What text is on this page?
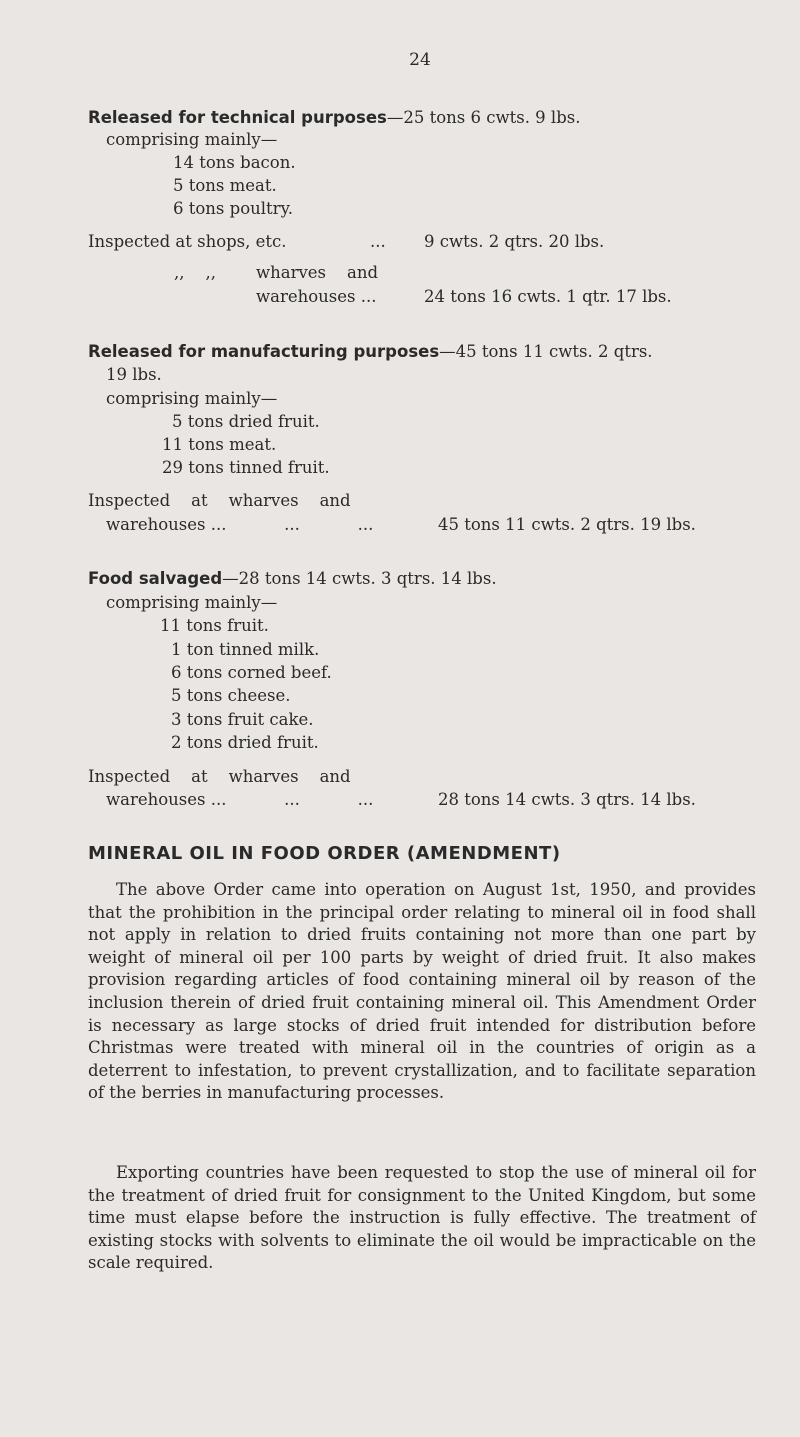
24
Released for technical purposes—25 tons 6 cwts. 9 lbs.
comprising mainly—
14 tons bacon.
5 tons meat.
6 tons poultry.
Inspected at shops, etc.	... 9 cwts. 2 qtrs. 20 lbs.
,,    ,, wharves    and
warehouses ...	24 tons 16 cwts. 1 qtr. 17 lbs.
Released for manufacturing purposes—45 tons 11 cwts. 2 qtrs.
19 lbs.
comprising mainly—
5 tons dried fruit.
11 tons meat.
29 tons tinned fruit.
Inspected    at    wharves    and
warehouses ...           ...           ...	45 tons 11 cwts. 2 qtrs. 19 lbs.
Food salvaged—28 tons 14 cwts. 3 qtrs. 14 lbs.
comprising mainly—
11 tons fruit.
1 ton tinned milk.
6 tons corned beef.
5 tons cheese.
3 tons fruit cake.
2 tons dried fruit.
Inspected    at    wharves    and
warehouses ...           ...           ...	28 tons 14 cwts. 3 qtrs. 14 lbs.
MINERAL OIL IN FOOD ORDER (AMENDMENT)
The above Order came into operation on August 1st, 1950, and provides that the prohibition in the principal order relating to mineral oil in food shall not apply in relation to dried fruits containing not more than one part by weight of mineral oil per 100 parts by weight of dried fruit. It also makes provision regarding articles of food containing mineral oil by reason of the inclusion therein of dried fruit containing mineral oil. This Amendment Order is necessary as large stocks of dried fruit intended for distribution before Christmas were treated with mineral oil in the countries of origin as a deterrent to infestation, to prevent crystallization, and to facilitate separation of the berries in manufacturing processes.
Exporting countries have been requested to stop the use of mineral oil for the treatment of dried fruit for consignment to the United Kingdom, but some time must elapse before the instruction is fully effective. The treatment of existing stocks with solvents to eliminate the oil would be impracticable on the scale required.
